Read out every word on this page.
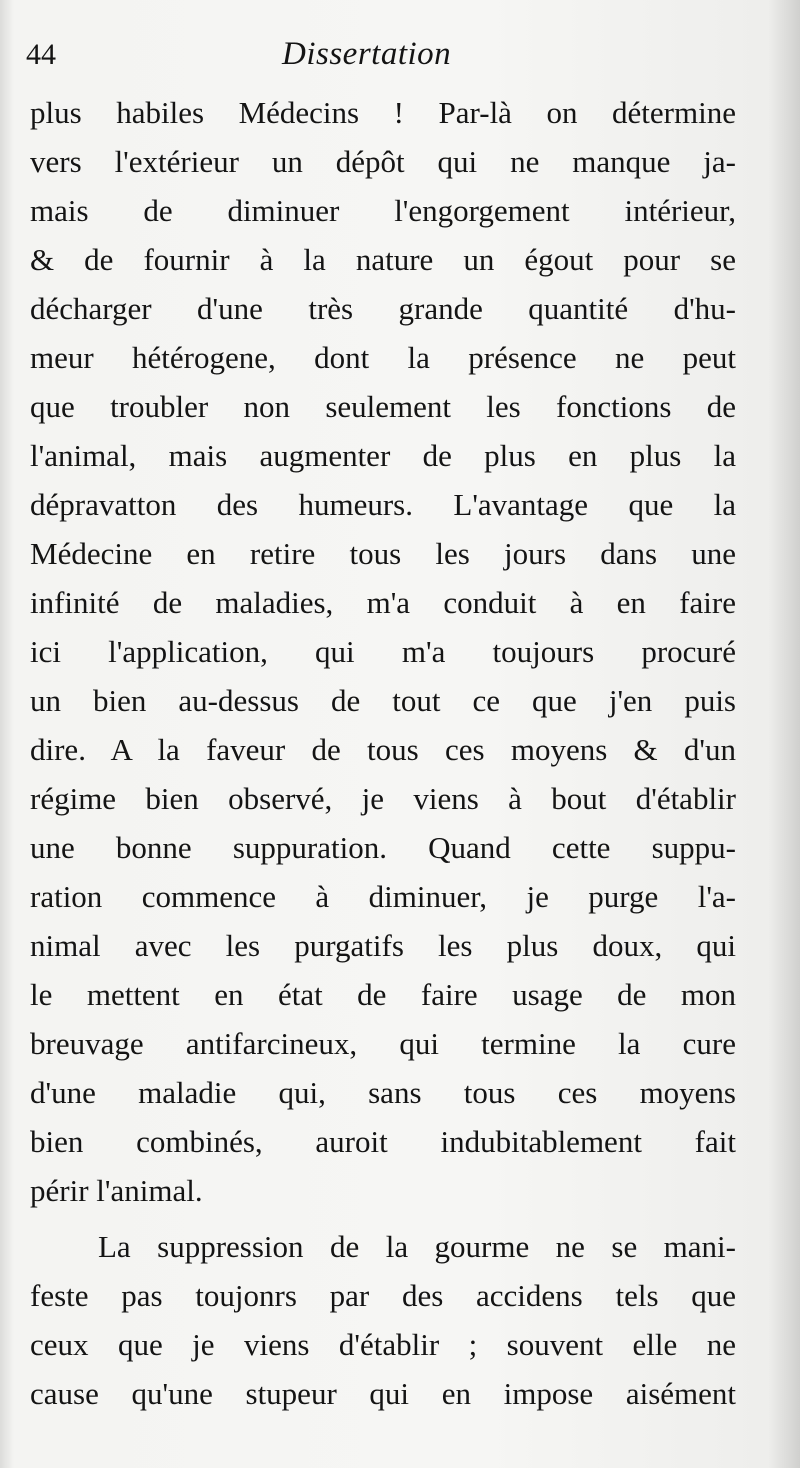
44	Dissertation
plus habiles Médecins ! Par-là on détermine
vers l'extérieur un dépôt qui ne manque ja-
mais de diminuer l'engorgement intérieur,
& de fournir à la nature un égout pour se
décharger d'une très grande quantité d'hu-
meur hétérogene, dont la présence ne peut
que troubler non seulement les fonctions de
l'animal, mais augmenter de plus en plus la
dépravatton des humeurs. L'avantage que la
Médecine en retire tous les jours dans une
infinité de maladies, m'a conduit à en faire
ici l'application, qui m'a toujours procuré
un bien au-dessus de tout ce que j'en puis
dire. A la faveur de tous ces moyens & d'un
régime bien observé, je viens à bout d'établir
une bonne suppuration. Quand cette suppu-
ration commence à diminuer, je purge l'a-
nimal avec les purgatifs les plus doux, qui
le mettent en état de faire usage de mon
breuvage antifarcineux, qui termine la cure
d'une maladie qui, sans tous ces moyens
bien combinés, auroit indubitablement fait
périr l'animal.
La suppression de la gourme ne se mani-
feste pas toujonrs par des accidens tels que
ceux que je viens d'établir ; souvent elle ne
cause qu'une stupeur qui en impose aisément
